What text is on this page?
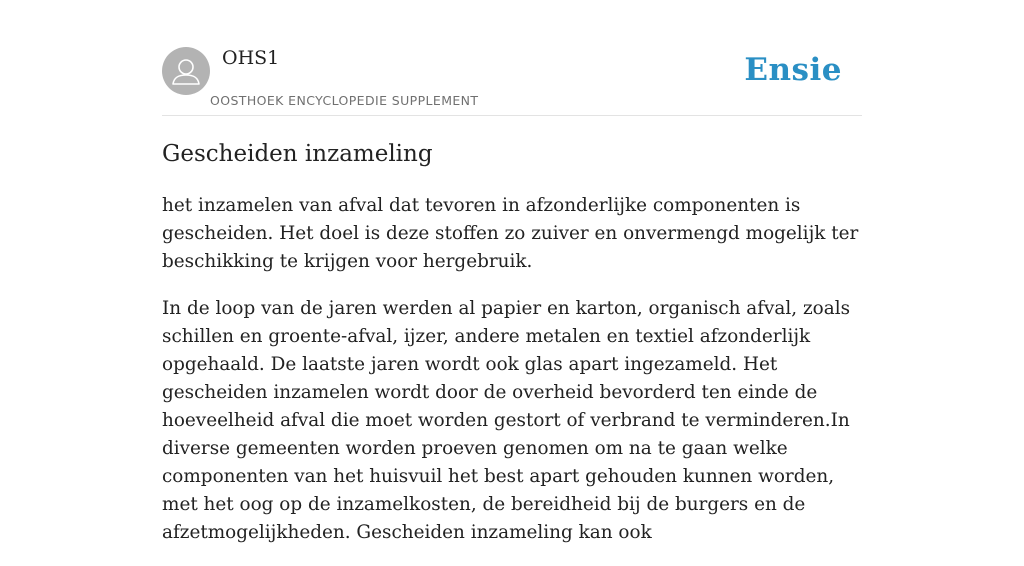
OHS1
OOSTHOEK ENCYCLOPEDIE SUPPLEMENT
Ensie
Gescheiden inzameling

het inzamelen van afval dat tevoren in afzonderlijke componenten is gescheiden. Het doel is deze stoffen zo zuiver en onvermengd mogelijk ter beschikking te krijgen voor hergebruik.

In de loop van de jaren werden al papier en karton, organisch afval, zoals schillen en groente-afval, ijzer, andere metalen en textiel afzonderlijk opgehaald. De laatste jaren wordt ook glas apart ingezameld. Het gescheiden inzamelen wordt door de overheid bevorderd ten einde de hoeveelheid afval die moet worden gestort of verbrand te verminderen.In diverse gemeenten worden proeven genomen om na te gaan welke componenten van het huisvuil het best apart gehouden kunnen worden, met het oog op de inzamelkosten, de bereidheid bij de burgers en de afzetmogelijkheden. Gescheiden inzameling kan ook
